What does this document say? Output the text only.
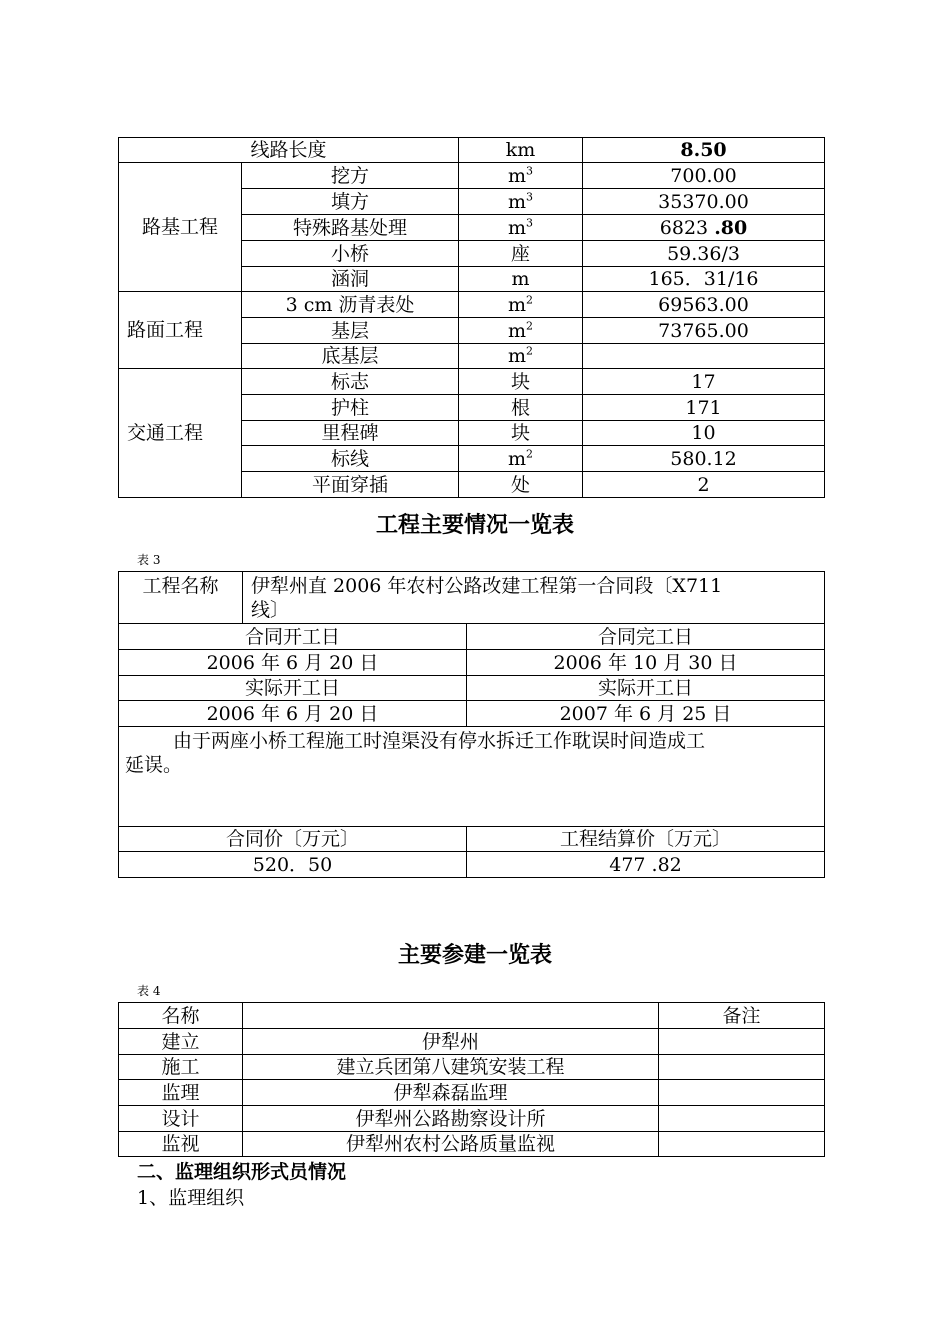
线路长度		km	8.50
路基工程	挖方	$m^3$	700.00
	填方	$m^3$	35370.00
	特殊路基处理	$m^3$	6823 .80
	小桥	座	59.36/3
	涵洞	m	165．31/16
路面工程	3 cm 沥青表处	$m^2$	69563.00
	基层	$m^2$	73765.00
	底基层	$m^2$	
交通工程	标志	块	17
	护柱	根	171
	里程碑	块	10
	标线	$m^2$	580.12
	平面穿插	处	2
工程主要情况一览表
表 3
工程名称	伊犁州直 2006 年农村公路改建工程第一合同段〔X711
线〕	

合同开工日		合同完工日
2006 年 6 月 20 日		2006 年 10 月 30 日
实际开工日		实际开工日
2006 年 6 月 20 日		2007 年 6 月 25 日

由于两座小桥工程施工时湟渠没有停水拆迁工作耽误时间造成工
延误。		

合同价〔万元〕		工程结算价〔万元〕
520．50		477 .82
主要参建一览表
表 4
名称		备注
建立	伊犁州	
施工	建立兵团第八建筑安装工程	
监理	伊犁森磊监理	
设计	伊犁州公路勘察设计所	
监视	伊犁州农村公路质量监视	
二、监理组织形式员情况
1、监理组织
